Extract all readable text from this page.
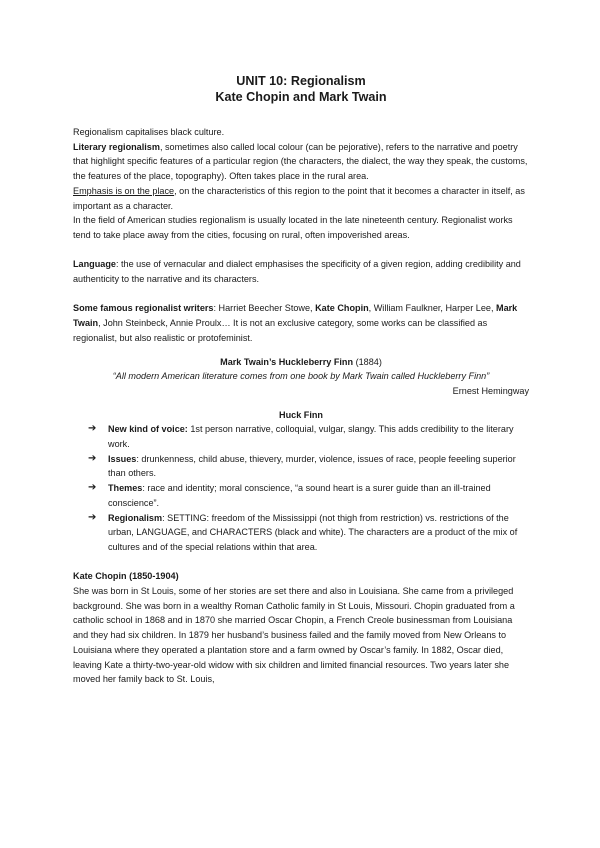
UNIT 10: Regionalism
Kate Chopin and Mark Twain

Regionalism capitalises black culture.

Literary regionalism, sometimes also called local colour (can be pejorative), refers to the narrative and poetry that highlight specific features of a particular region (the characters, the dialect, the way they speak, the customs, the features of the place, topography). Often takes place in the rural area.

Emphasis is on the place, on the characteristics of this region to the point that it becomes a character in itself, as important as a character.

In the field of American studies regionalism is usually located in the late nineteenth century. Regionalist works tend to take place away from the cities, focusing on rural, often impoverished areas.

Language: the use of vernacular and dialect emphasises the specificity of a given region, adding credibility and authenticity to the narrative and its characters.

Some famous regionalist writers: Harriet Beecher Stowe, Kate Chopin, William Faulkner, Harper Lee, Mark Twain, John Steinbeck, Annie Proulx… It is not an exclusive category, some works can be classified as regionalist, but also realistic or protofeminist.

Mark Twain’s Huckleberry Finn (1884)

“All modern American literature comes from one book by Mark Twain called Huckleberry Finn”

Ernest Hemingway

Huck Finn

➔ New kind of voice: 1st person narrative, colloquial, vulgar, slangy. This adds credibility to the literary work.
➔ Issues: drunkenness, child abuse, thievery, murder, violence, issues of race, people feeeling superior than others.
➔ Themes: race and identity; moral conscience, “a sound heart is a surer guide than an ill-trained conscience”.
➔ Regionalism: SETTING: freedom of the Mississippi (not thigh from restriction) vs. restrictions of the urban, LANGUAGE, and CHARACTERS (black and white). The characters are a product of the mix of cultures and of the special relations within that area.

Kate Chopin (1850-1904)

She was born in St Louis, some of her stories are set there and also in Louisiana. She came from a privileged background. She was born in a wealthy Roman Catholic family in St Louis, Missouri. Chopin graduated from a catholic school in 1868 and in 1870 she married Oscar Chopin, a French Creole businessman from Louisiana and they had six children. In 1879 her husband’s business failed and the family moved from New Orleans to Louisiana where they operated a plantation store and a farm owned by Oscar’s family. In 1882, Oscar died, leaving Kate a thirty-two-year-old widow with six children and limited financial resources. Two years later she moved her family back to St. Louis,
